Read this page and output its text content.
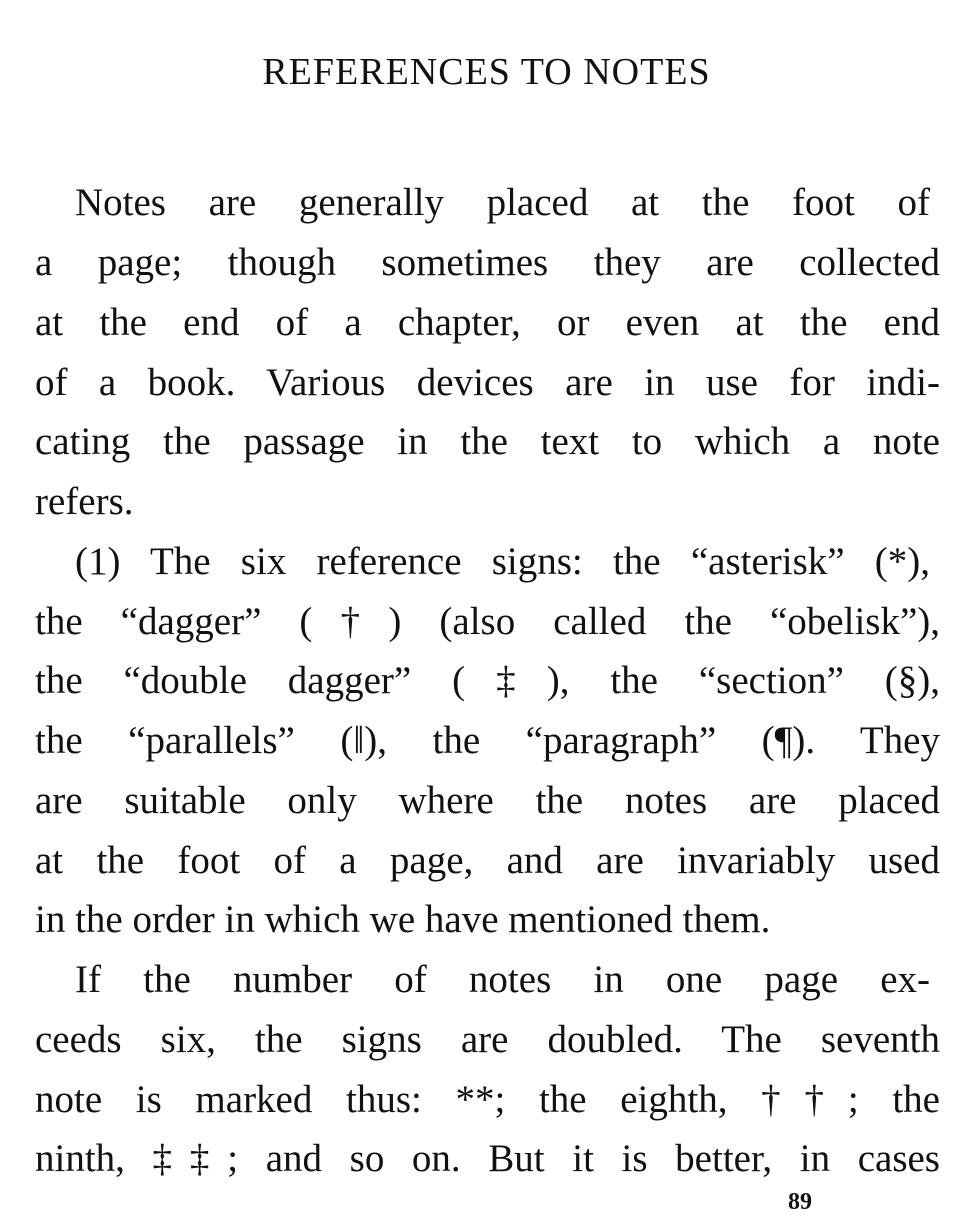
REFERENCES TO NOTES

Notes are generally placed at the foot of

a page; though sometimes they are collected

at the end of a chapter, or even at the end

of a book. Various devices are in use for indi-

cating the passage in the text to which a note

refers.

(1) The six reference signs: the “asterisk” (*),

the “dagger” (†) (also called the “obelisk”),

the “double dagger” (‡), the “section” (§),

the “parallels” (‖), the “paragraph” (¶). They

are suitable only where the notes are placed

at the foot of a page, and are invariably used

in the order in which we have mentioned them.

If the number of notes in one page ex-

ceeds six, the signs are doubled. The seventh

note is marked thus: **; the eighth, ††; the

ninth, ‡‡; and so on. But it is better, in cases

89
